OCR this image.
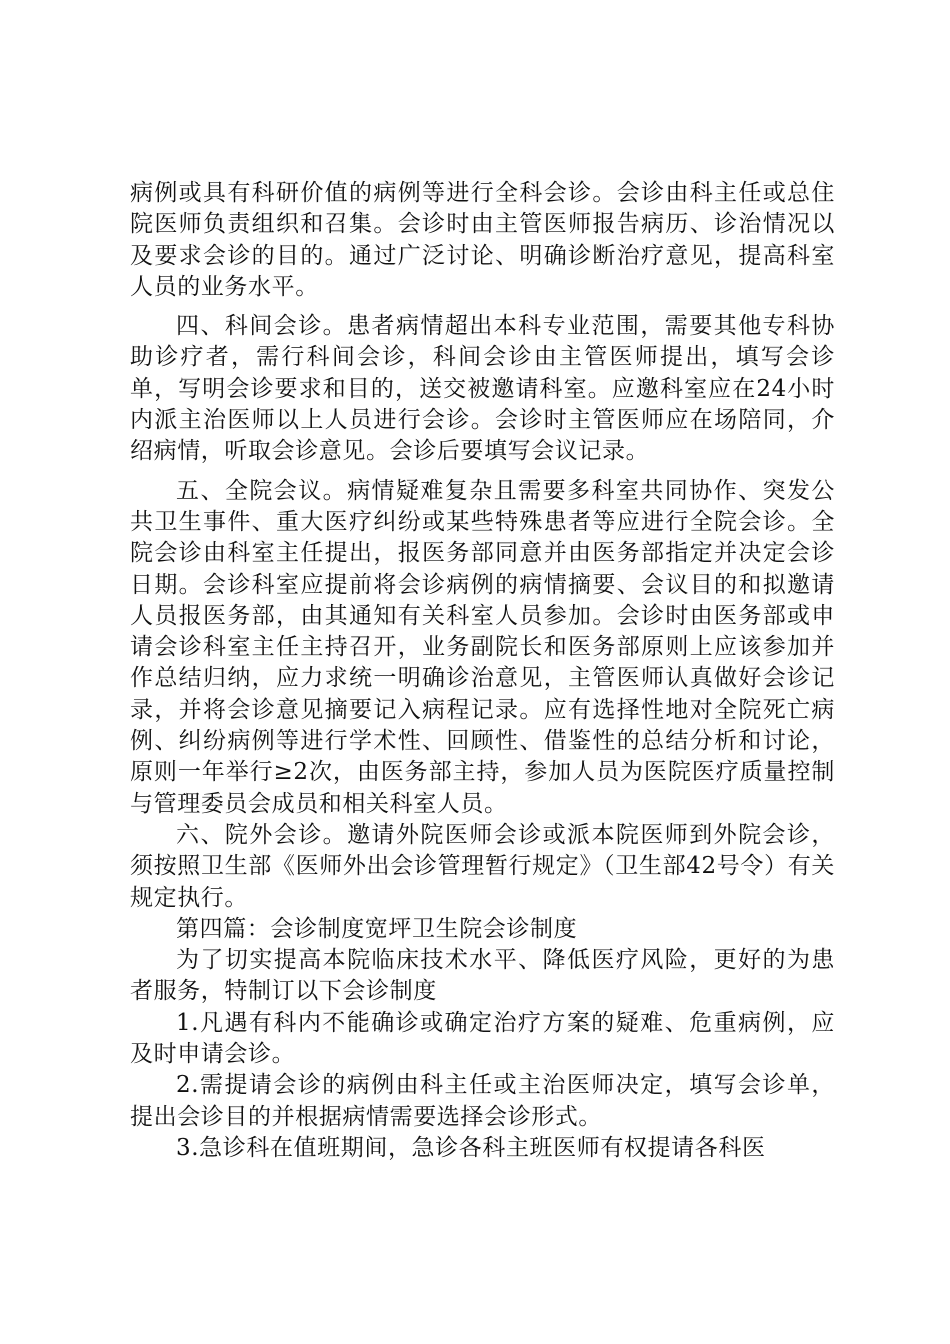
病例或具有科研价值的病例等进行全科会诊。会诊由科主任或总住院医师负责组织和召集。会诊时由主管医师报告病历、诊治情况以及要求会诊的目的。通过广泛讨论、明确诊断治疗意见，提高科室人员的业务水平。

四、科间会诊。患者病情超出本科专业范围，需要其他专科协助诊疗者，需行科间会诊，科间会诊由主管医师提出，填写会诊单，写明会诊要求和目的，送交被邀请科室。应邀科室应在24小时内派主治医师以上人员进行会诊。会诊时主管医师应在场陪同，介绍病情，听取会诊意见。会诊后要填写会议记录。

五、全院会议。病情疑难复杂且需要多科室共同协作、突发公共卫生事件、重大医疗纠纷或某些特殊患者等应进行全院会诊。全院会诊由科室主任提出，报医务部同意并由医务部指定并决定会诊日期。会诊科室应提前将会诊病例的病情摘要、会议目的和拟邀请人员报医务部，由其通知有关科室人员参加。会诊时由医务部或申请会诊科室主任主持召开，业务副院长和医务部原则上应该参加并作总结归纳，应力求统一明确诊治意见，主管医师认真做好会诊记录，并将会诊意见摘要记入病程记录。应有选择性地对全院死亡病例、纠纷病例等进行学术性、回顾性、借鉴性的总结分析和讨论，原则一年举行≥2次，由医务部主持，参加人员为医院医疗质量控制与管理委员会成员和相关科室人员。

六、院外会诊。邀请外院医师会诊或派本院医师到外院会诊，须按照卫生部《医师外出会诊管理暂行规定》（卫生部42号令）有关规定执行。

第四篇：会诊制度宽坪卫生院会诊制度

为了切实提高本院临床技术水平、降低医疗风险，更好的为患者服务，特制订以下会诊制度

1.凡遇有科内不能确诊或确定治疗方案的疑难、危重病例，应及时申请会诊。

2.需提请会诊的病例由科主任或主治医师决定，填写会诊单，提出会诊目的并根据病情需要选择会诊形式。

3.急诊科在值班期间，急诊各科主班医师有权提请各科医
